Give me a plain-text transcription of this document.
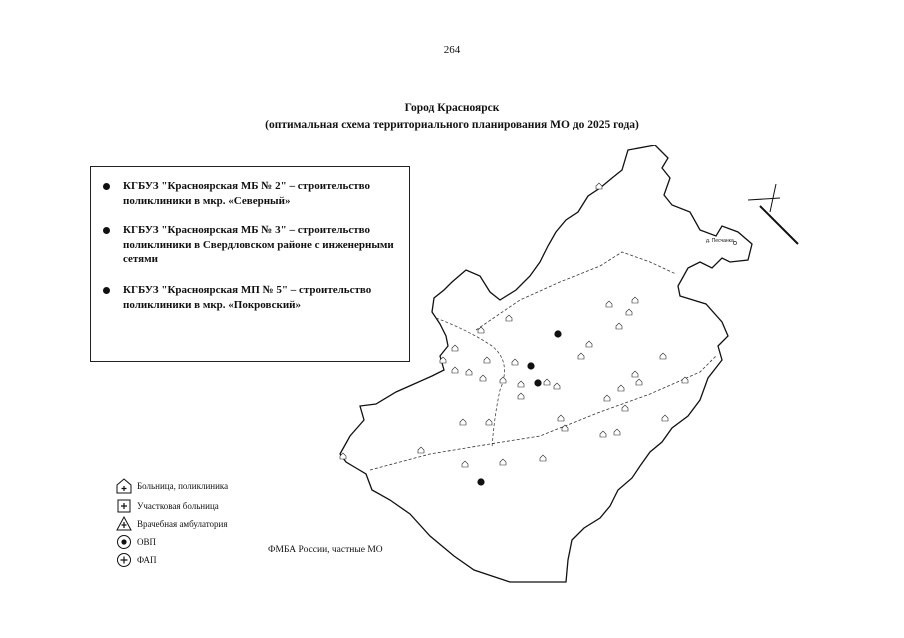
264
Город Красноярск
(оптимальная схема территориального планирования МО до 2025 года)
КГБУЗ "Красноярская МБ № 2" – строительство поликлиники в мкр. «Северный»
КГБУЗ "Красноярская МБ № 3" – строительство поликлиники в Свердловском районе с инженерными сетями
КГБУЗ "Красноярская МП № 5" – строительство поликлиники в мкр. «Покровский»
д. Песчанка
Больница, поликлиника
Участковая больница
Врачебная амбулатория
ОВП
ФАП
ФМБА России, частные МО
